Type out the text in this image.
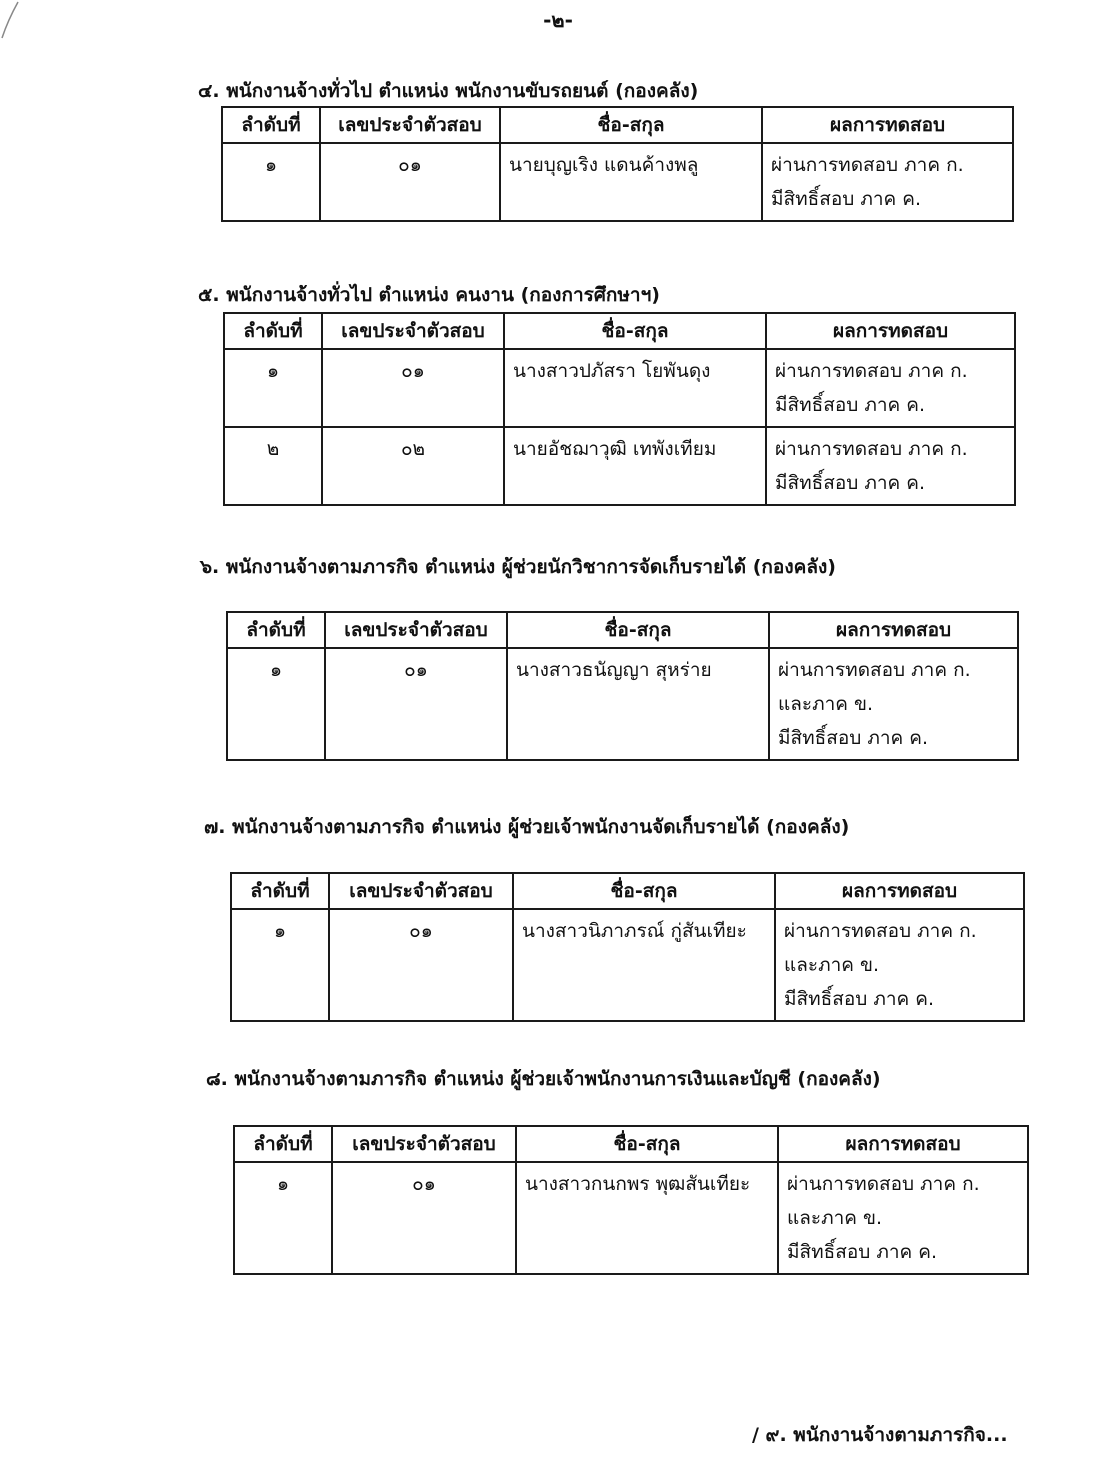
-๒-

๔. พนักงานจ้างทั่วไป ตำแหน่ง พนักงานขับรถยนต์ (กองคลัง)

ลำดับที่	เลขประจำตัวสอบ	ชื่อ-สกุล	ผลการทดสอบ
๑	๐๑	นายบุญเริง แดนค้างพลู	ผ่านการทดสอบ ภาค ก.
มีสิทธิ์สอบ ภาค ค.

๕. พนักงานจ้างทั่วไป ตำแหน่ง คนงาน (กองการศึกษาฯ)

ลำดับที่	เลขประจำตัวสอบ	ชื่อ-สกุล	ผลการทดสอบ
๑	๐๑	นางสาวปภัสรา โยพันดุง	ผ่านการทดสอบ ภาค ก.
มีสิทธิ์สอบ ภาค ค.

๒	๐๒	นายอัชฌาวุฒิ เทพังเทียม	ผ่านการทดสอบ ภาค ก.
มีสิทธิ์สอบ ภาค ค.

๖. พนักงานจ้างตามภารกิจ ตำแหน่ง ผู้ช่วยนักวิชาการจัดเก็บรายได้ (กองคลัง)

ลำดับที่	เลขประจำตัวสอบ	ชื่อ-สกุล	ผลการทดสอบ
๑	๐๑	นางสาวธนัญญา สุหร่าย	ผ่านการทดสอบ ภาค ก.
และภาค ข.
มีสิทธิ์สอบ ภาค ค.

๗. พนักงานจ้างตามภารกิจ ตำแหน่ง ผู้ช่วยเจ้าพนักงานจัดเก็บรายได้ (กองคลัง)

ลำดับที่	เลขประจำตัวสอบ	ชื่อ-สกุล	ผลการทดสอบ
๑	๐๑	นางสาวนิภาภรณ์ กู่สันเทียะ	ผ่านการทดสอบ ภาค ก.
และภาค ข.
มีสิทธิ์สอบ ภาค ค.

๘. พนักงานจ้างตามภารกิจ ตำแหน่ง ผู้ช่วยเจ้าพนักงานการเงินและบัญชี (กองคลัง)

ลำดับที่	เลขประจำตัวสอบ	ชื่อ-สกุล	ผลการทดสอบ
๑	๐๑	นางสาวกนกพร พุฒสันเทียะ	ผ่านการทดสอบ ภาค ก.
และภาค ข.
มีสิทธิ์สอบ ภาค ค.
/ ๙. พนักงานจ้างตามภารกิจ...
